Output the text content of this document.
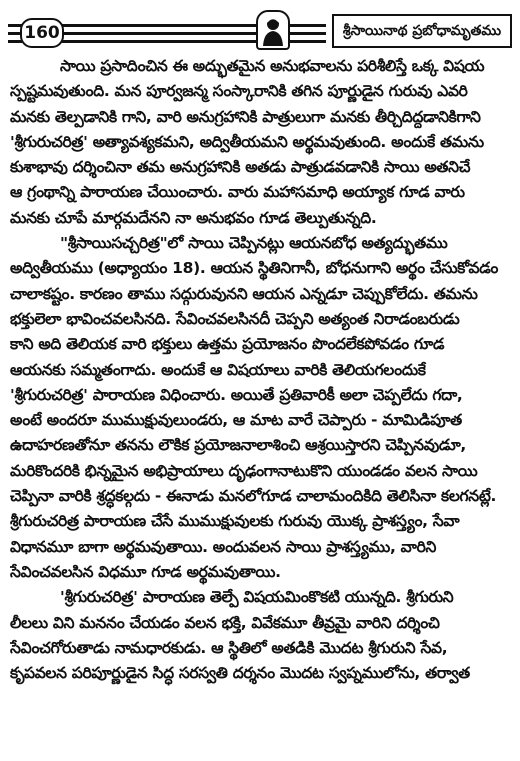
160	శ్రీసాయినాథ ప్రబోధామృతము
సాయి ప్రసాదించిన ఈ అద్భుతమైన అనుభవాలను పరిశీలిస్తే ఒక్క విషయ
స్పష్టమవుతుంది. మన పూర్వజన్మ సంస్కారానికి తగిన పూర్ణుడైన గురువు ఎవరి
మనకు తెల్పడానికి గాని, వారి అనుగ్రహానికి పాత్రులుగా మనకు తీర్చిదిద్దడానికిగాని
'శ్రీగురుచరిత్ర' అత్యావశ్యకమని, అద్వితీయమని అర్థమవుతుంది. అందుకే తమను
కుశాభావు దర్శించినా తమ అనుగ్రహానికి అతడు పాత్రుడవడానికి సాయి అతనిచే
ఆ గ్రంథాన్ని పారాయణ చేయించారు. వారు మహాసమాధి అయ్యాక గూడ వారు
మనకు చూపే మార్గమదేనని నా అనుభవం గూడ తెల్పుతున్నది.
"శ్రీసాయిసచ్చరిత్ర"లో సాయి చెప్పినట్లు ఆయనబోధ అత్యద్భుతము
అద్వితీయము (అధ్యాయం 18). ఆయన స్థితినిగానీ, బోధనుగాని అర్థం చేసుకోవడం
చాలాకష్టం. కారణం తాము సద్గురువునని ఆయన ఎన్నడూ చెప్పుకోలేదు. తమను
భక్తులెలా భావించవలసినది. సేవించవలసినదీ చెప్పని అత్యంత నిరాడంబరుడు
కాని అది తెలియక వారి భక్తులు ఉత్తమ ప్రయోజనం పొందలేకపోవడం గూడ
ఆయనకు సమ్మతంగాదు. అందుకే ఆ విషయాలు వారికి తెలియగలందుకే
'శ్రీగురుచరిత్ర' పారాయణ విధించారు. అయితే ప్రతివారికీ అలా చెప్పలేదు గదా,
అంటే అందరూ ముముక్షువులుండరు, ఆ మాట వారే చెప్పారు - మామిడిపూత
ఉదాహరణతోనూ తనను లౌకిక ప్రయోజనాలాశించి ఆశ్రయిస్తారని చెప్పినవుడూ,
మరికొందరికి భిన్నమైన అభిప్రాయాలు దృఢంగానాటుకొని యుండడం వలన సాయి
చెప్పినా వారికి శ్రద్ధకల్గదు - ఈనాడు మనలోగూడ చాలామందికిది తెలిసినా కలగనట్లే.
శ్రీగురుచరిత్ర పారాయణ చేసే ముముక్షువులకు గురువు యొక్క ప్రాశస్త్యం, సేవా
విధానమూ బాగా అర్థమవుతాయి. అందువలన సాయి ప్రాశస్త్యము, వారిని
సేవించవలసిన విధమూ గూడ అర్థమవుతాయి.
'శ్రీగురుచరిత్ర' పారాయణ తెల్పే విషయమింకొకటి యున్నది. శ్రీగురుని
లీలలు విని మననం చేయడం వలన భక్తి, వివేకమూ తీవ్రమై వారిని దర్శించి
సేవించగోరుతాడు నామధారకుడు. ఆ స్థితిలో అతడికి మొదట శ్రీగురుని సేవ,
కృపవలన పరిపూర్ణుడైన సిద్ధ సరస్వతి దర్శనం మొదట స్వప్నములోను, తర్వాత
